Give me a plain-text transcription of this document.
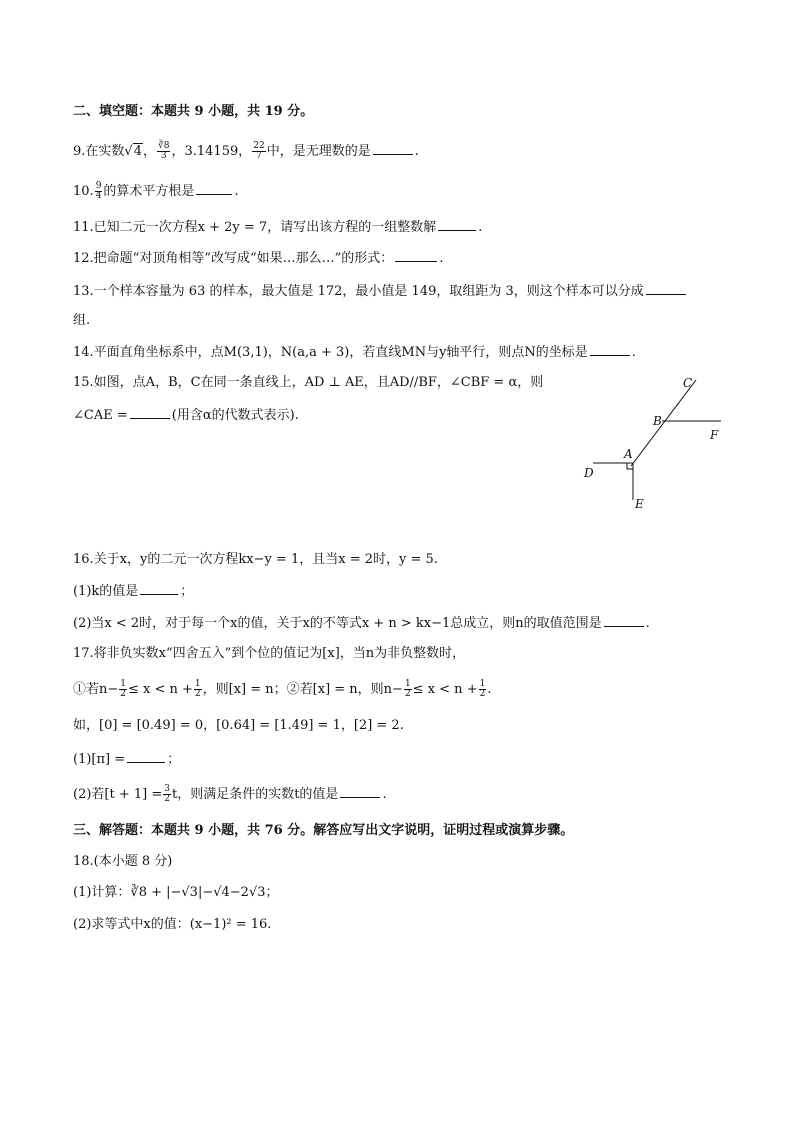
二、填空题：本题共 9 小题，共 19 分。
9.在实数√4， $\frac{∛8}{3}$ ，3.14159， $\frac{22}{7}$ 中，是无理数的是	.
10. $\frac{9}{4}$ 的算术平方根是	.
11.已知二元一次方程x + 2y = 7，请写出该方程的一组整数解	.
12.把命题“对顶角相等”改写成“如果…那么…”的形式：	.
13.一个样本容量为 63 的样本，最大值是 172，最小值是 149，取组距为 3，则这个样本可以分成
组.
14.平面直角坐标系中，点M(3,1)，N(a,a + 3)，若直线MN与y轴平行，则点N的坐标是	.
15.如图，点A，B，C在同一条直线上，AD ⊥ AE，且AD//BF，∠CBF = α，则
∠CAE =	(用含α的代数式表示).
C
B
F
A
D
E
16.关于x，y的二元一次方程kx−y = 1，且当x = 2时，y = 5.
(1)k的值是	；
(2)当x < 2时，对于每一个x的值，关于x的不等式x + n > kx−1总成立，则n的取值范围是	.
17.将非负实数x“四舍五入”到个位的值记为[x]，当n为非负整数时，
①若$n- \frac{1}{2} \le x < n + \frac{1}{2}$ ，则[x] = n；②若[x] = n，则$n- \frac{1}{2} \le x < n + \frac{1}{2}$ .
如，[0] = [0.49] = 0，[0.64] = [1.49] = 1，[2] = 2.
(1)[π] =	；
(2)若$[t + 1] = \frac{3}{2}$ t，则满足条件的实数t的值是	.
三、解答题：本题共 9 小题，共 76 分。解答应写出文字说明，证明过程或演算步骤。
18.(本小题 8 分)
(1)计算：∛8 + |−√3|−√4−2√3；
(2)求等式中x的值：(x−1)² = 16.
